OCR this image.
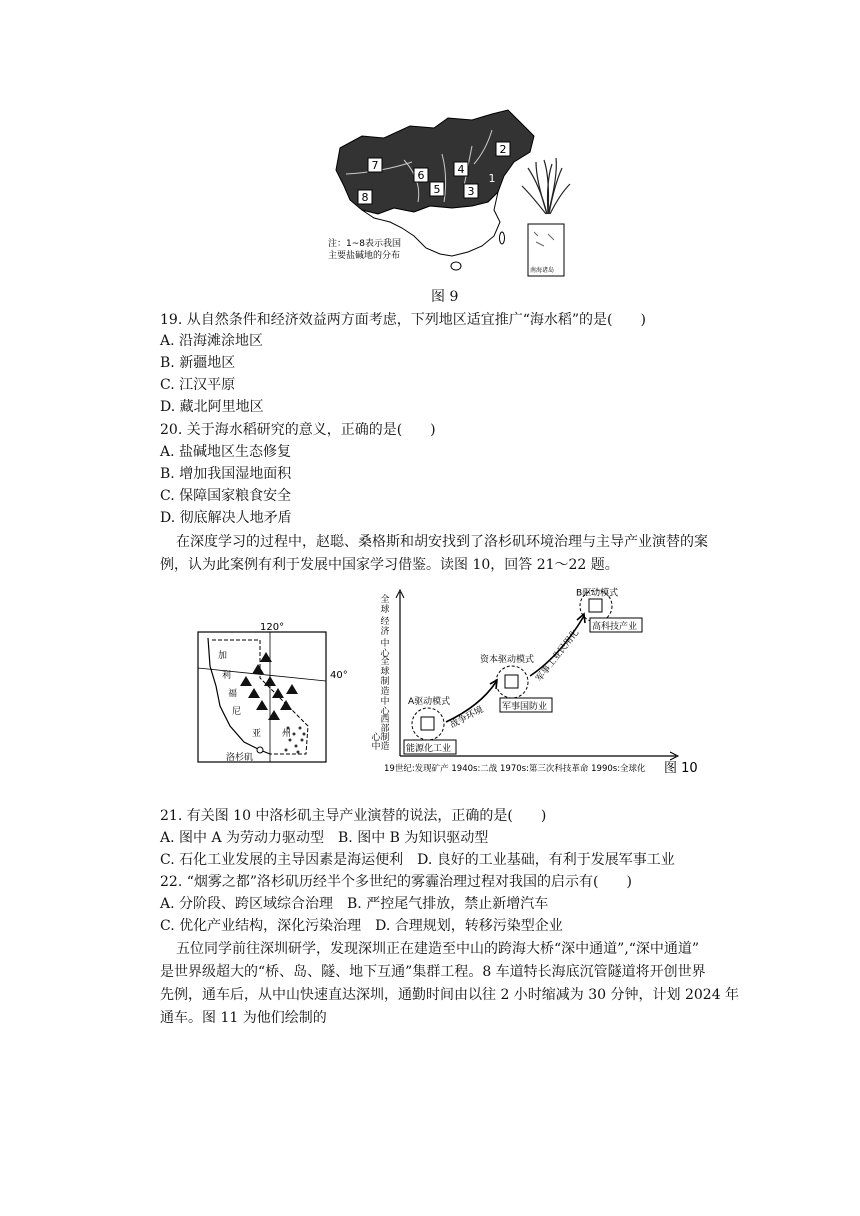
2
7
6	4
5 3
8
1
注：1~8表示我国
主要盐碱地的分布
南海诸岛
图 9
19. 从自然条件和经济效益两方面考虑，下列地区适宜推广“海水稻”的是(　　)
A. 沿海滩涂地区
B. 新疆地区
C. 江汉平原
D. 藏北阿里地区
20. 关于海水稻研究的意义，正确的是(　　)
A. 盐碱地区生态修复
B. 增加我国湿地面积
C. 保障国家粮食安全
D. 彻底解决人地矛盾
在深度学习的过程中，赵聪、桑格斯和胡安找到了洛杉矶环境治理与主导产业演替的案
例，认为此案例有利于发展中国家学习借鉴。读图 10，回答 21～22 题。
120°
40°
加
利
福
尼
亚 州
洛杉矶
全
球
经
济
中
心
全
球
制
造
中
心
西
部
制
造
中
心
A驱动模式
能源化工业
资本驱动模式
军事国防业
B驱动模式
高科技产业
战争环境
军事工业民用化
19世纪:发现矿产 1940s:二战 1970s:第三次科技革命 1990s:全球化 图 10
21. 有关图 10 中洛杉矶主导产业演替的说法，正确的是(　　)
A. 图中 A 为劳动力驱动型　B. 图中 B 为知识驱动型
C. 石化工业发展的主导因素是海运便利　D. 良好的工业基础，有利于发展军事工业
22. “烟雾之都”洛杉矶历经半个多世纪的雾霾治理过程对我国的启示有(　　)
A. 分阶段、跨区域综合治理　B. 严控尾气排放，禁止新增汽车
C. 优化产业结构，深化污染治理　D. 合理规划，转移污染型企业
五位同学前往深圳研学，发现深圳正在建造至中山的跨海大桥“深中通道”,“深中通道”
是世界级超大的“桥、岛、隧、地下互通”集群工程。8 车道特长海底沉管隧道将开创世界
先例，通车后，从中山快速直达深圳，通勤时间由以往 2 小时缩减为 30 分钟，计划 2024 年
通车。图 11 为他们绘制的
